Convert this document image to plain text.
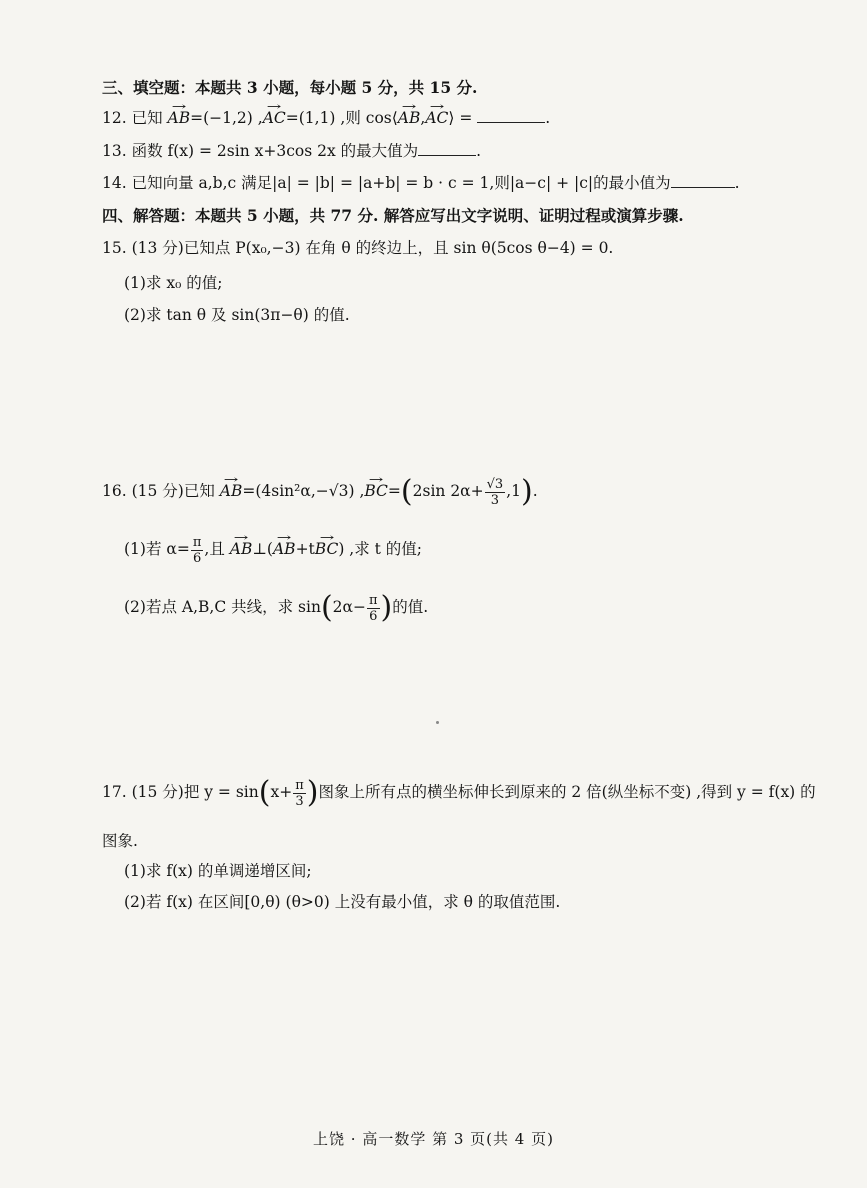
三、填空题：本题共 3 小题，每小题 5 分，共 15 分.
12. 已知 → AB=(−1,2) ,→ AC=(1,1) ,则 cos⟨→ AB,→ AC⟩ =	.
13. 函数 f(x) = 2sin x+3cos 2x 的最大值为	.
14. 已知向量 a,b,c 满足|a| = |b| = |a+b| = b · c = 1,则|a−c| + |c|的最小值为	.
四、解答题：本题共 5 小题，共 77 分. 解答应写出文字说明、证明过程或演算步骤.
15. (13 分)已知点 P(x₀,−3) 在角 θ 的终边上，且 sin θ(5cos θ−4) = 0.
(1)求 x₀ 的值;
(2)求 tan θ 及 sin(3π−θ) 的值.
16. (15 分)已知 → AB=(4sin²α,−√3) ,→ BC=(2sin $2\alpha+ \frac{√3}{3} ,1$).
(1)若 $\alpha= \frac{\pi}{6}$ ,且 → AB⊥(→ AB+t→ BC) ,求 t 的值;
(2)若点 A,B,C 共线，求 $\sin(2\alpha- \frac{\pi}{6}$ )的值.
17. (15 分)把 $y = \sin(x+ \frac{\pi}{3}$ )图象上所有点的横坐标伸长到原来的 2 倍(纵坐标不变) ,得到 y = f(x) 的
图象.
(1)求 f(x) 的单调递增区间;
(2)若 f(x) 在区间[0,θ) (θ>0) 上没有最小值，求 θ 的取值范围.
上饶 · 高一数学 第 3 页(共 4 页)
